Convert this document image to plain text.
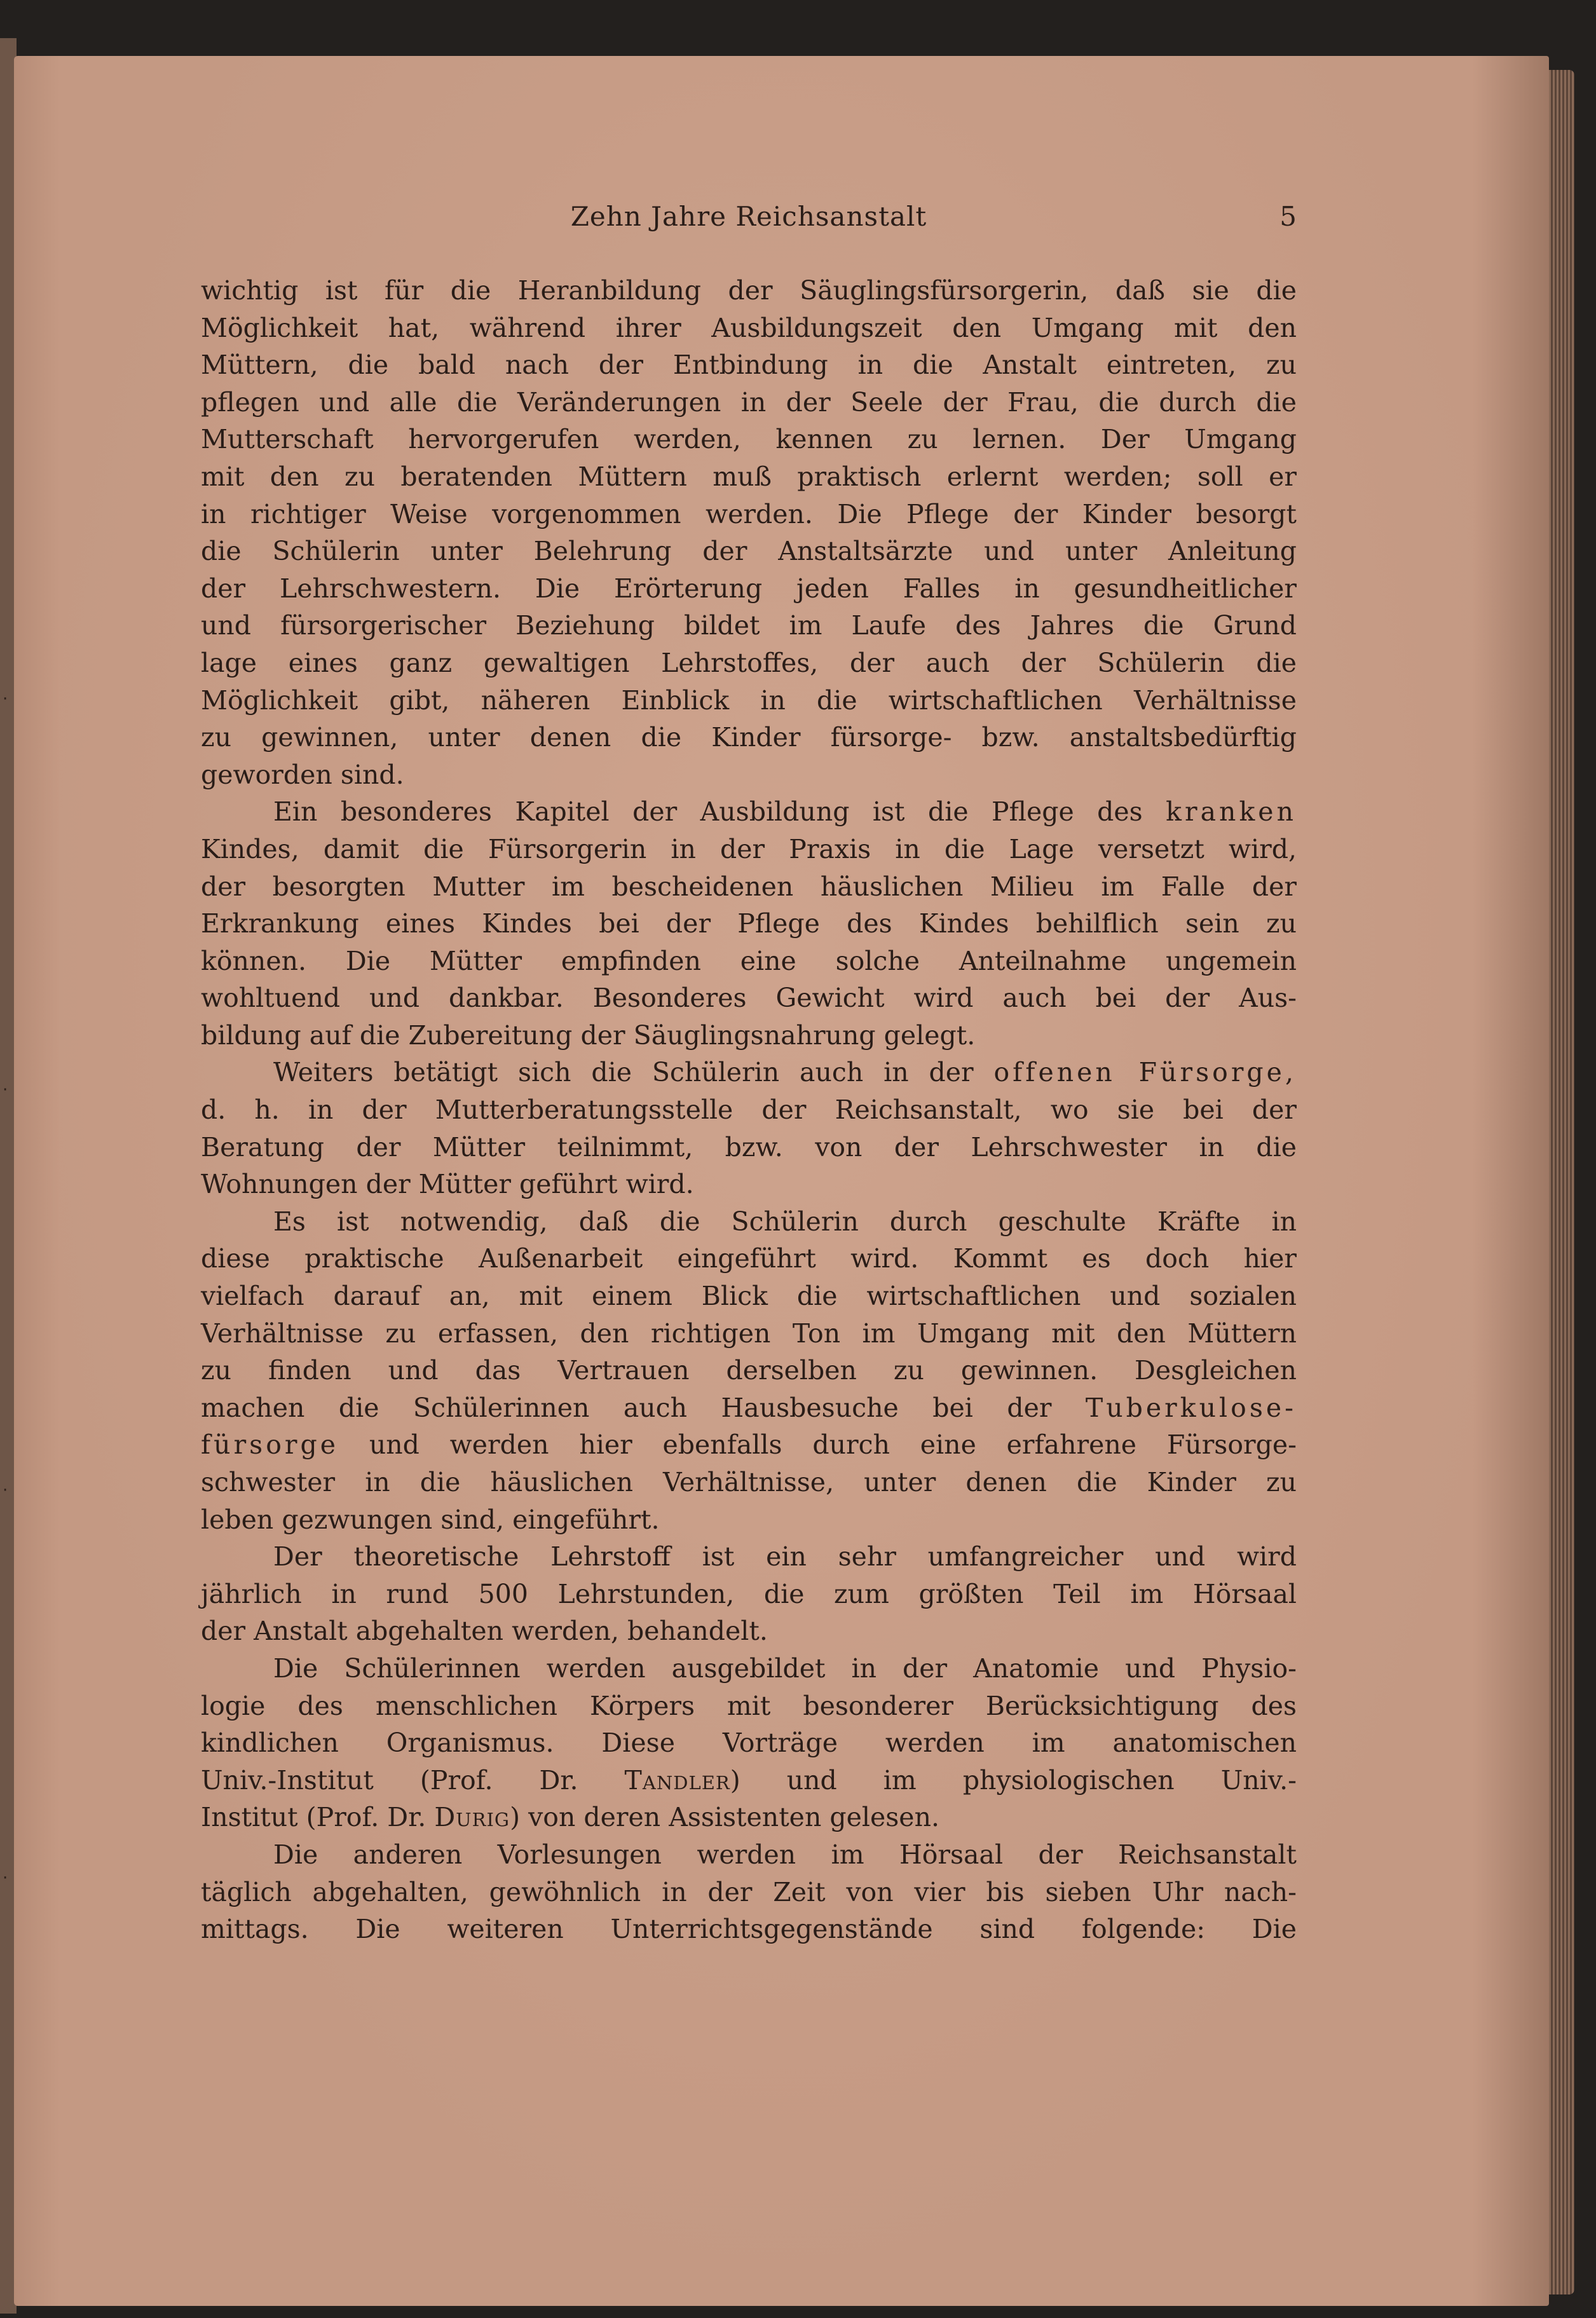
·
·
·
·
Zehn Jahre Reichsanstalt	5
wichtig ist für die Heranbildung der Säuglingsfürsorgerin, daß sie die
Möglichkeit hat, während ihrer Ausbildungszeit den Umgang mit den
Müttern, die bald nach der Entbindung in die Anstalt eintreten, zu
pflegen und alle die Veränderungen in der Seele der Frau, die durch die
Mutterschaft hervorgerufen werden, kennen zu lernen. Der Umgang
mit den zu beratenden Müttern muß praktisch erlernt werden; soll er
in richtiger Weise vorgenommen werden. Die Pflege der Kinder besorgt
die Schülerin unter Belehrung der Anstaltsärzte und unter Anleitung
der Lehrschwestern. Die Erörterung jeden Falles in gesundheitlicher
und fürsorgerischer Beziehung bildet im Laufe des Jahres die Grund
lage eines ganz gewaltigen Lehrstoffes, der auch der Schülerin die
Möglichkeit gibt, näheren Einblick in die wirtschaftlichen Verhältnisse
zu gewinnen, unter denen die Kinder fürsorge- bzw. anstaltsbedürftig
geworden sind.
Ein besonderes Kapitel der Ausbildung ist die Pflege des kranken
Kindes, damit die Fürsorgerin in der Praxis in die Lage versetzt wird,
der besorgten Mutter im bescheidenen häuslichen Milieu im Falle der
Erkrankung eines Kindes bei der Pflege des Kindes behilflich sein zu
können. Die Mütter empfinden eine solche Anteilnahme ungemein
wohltuend und dankbar. Besonderes Gewicht wird auch bei der Aus-
bildung auf die Zubereitung der Säuglingsnahrung gelegt.
Weiters betätigt sich die Schülerin auch in der offenen Fürsorge,
d. h. in der Mutterberatungsstelle der Reichsanstalt, wo sie bei der
Beratung der Mütter teilnimmt, bzw. von der Lehrschwester in die
Wohnungen der Mütter geführt wird.
Es ist notwendig, daß die Schülerin durch geschulte Kräfte in
diese praktische Außenarbeit eingeführt wird. Kommt es doch hier
vielfach darauf an, mit einem Blick die wirtschaftlichen und sozialen
Verhältnisse zu erfassen, den richtigen Ton im Umgang mit den Müttern
zu finden und das Vertrauen derselben zu gewinnen. Desgleichen
machen die Schülerinnen auch Hausbesuche bei der Tuberkulose-
fürsorge und werden hier ebenfalls durch eine erfahrene Fürsorge-
schwester in die häuslichen Verhältnisse, unter denen die Kinder zu
leben gezwungen sind, eingeführt.
Der theoretische Lehrstoff ist ein sehr umfangreicher und wird
jährlich in rund 500 Lehrstunden, die zum größten Teil im Hörsaal
der Anstalt abgehalten werden, behandelt.
Die Schülerinnen werden ausgebildet in der Anatomie und Physio-
logie des menschlichen Körpers mit besonderer Berücksichtigung des
kindlichen Organismus. Diese Vorträge werden im anatomischen
Univ.-Institut (Prof. Dr. Tandler) und im physiologischen Univ.-
Institut (Prof. Dr. Durig) von deren Assistenten gelesen.
Die anderen Vorlesungen werden im Hörsaal der Reichsanstalt
täglich abgehalten, gewöhnlich in der Zeit von vier bis sieben Uhr nach-
mittags. Die weiteren Unterrichtsgegenstände sind folgende: Die
